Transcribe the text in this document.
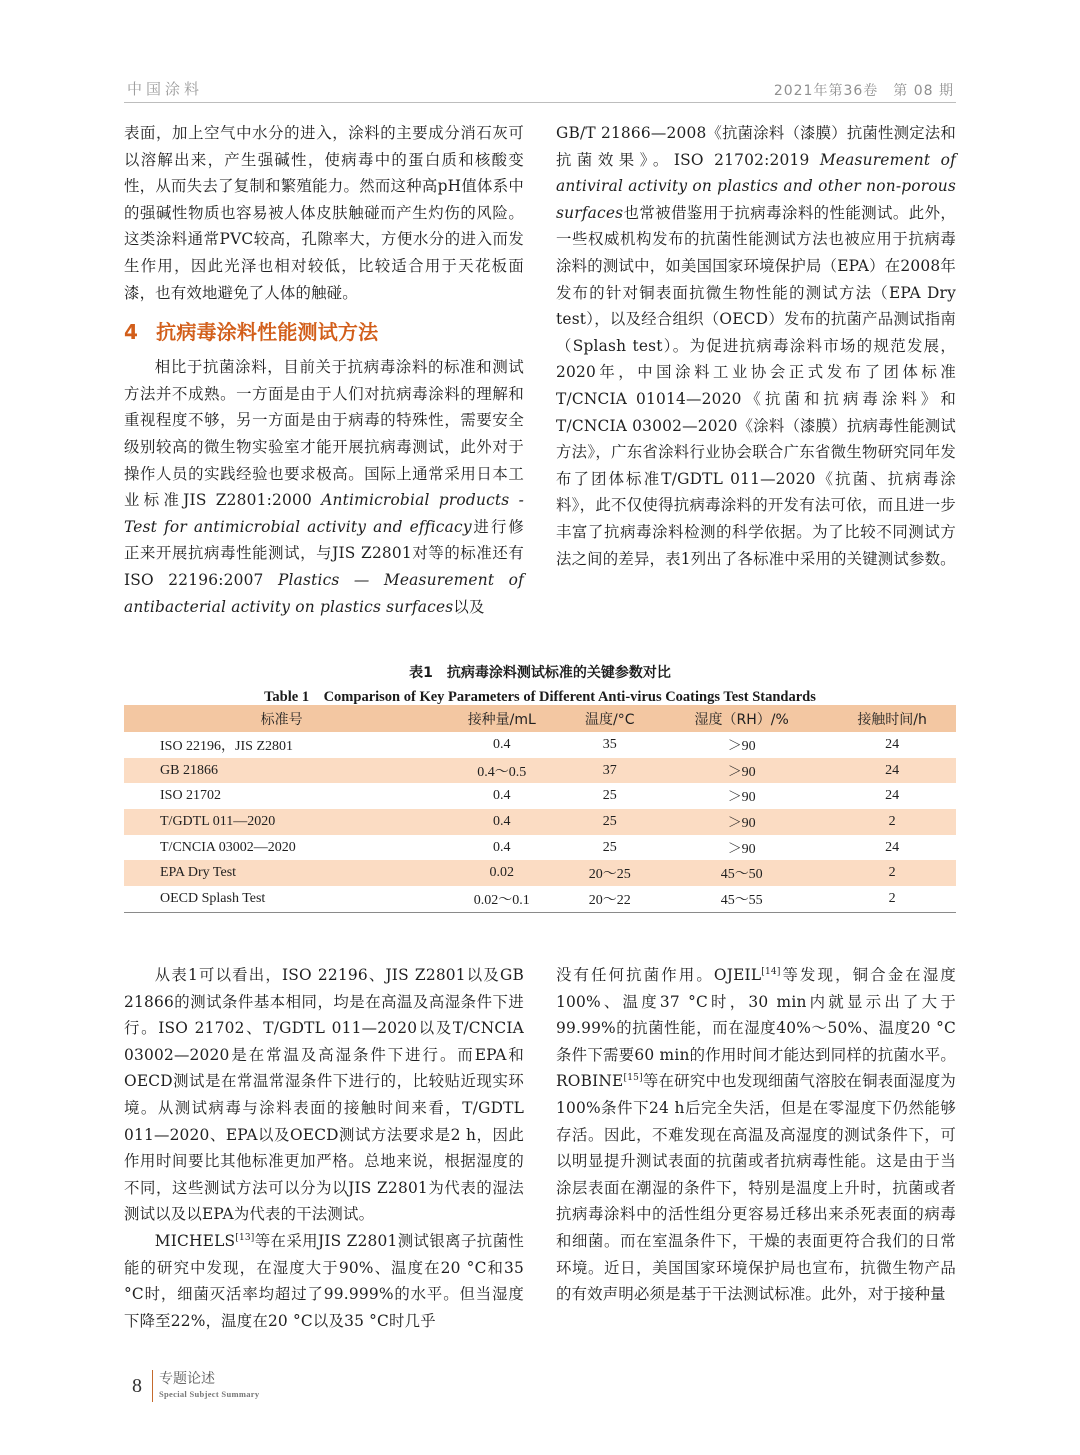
中国涂料	2021年第36卷　第 08 期

表面，加上空气中水分的进入，涂料的主要成分消石灰可以溶解出来，产生强碱性，使病毒中的蛋白质和核酸变性，从而失去了复制和繁殖能力。然而这种高pH值体系中的强碱性物质也容易被人体皮肤触碰而产生灼伤的风险。这类涂料通常PVC较高，孔隙率大，方便水分的进入而发生作用，因此光泽也相对较低，比较适合用于天花板面漆，也有效地避免了人体的触碰。

4 抗病毒涂料性能测试方法

相比于抗菌涂料，目前关于抗病毒涂料的标准和测试方法并不成熟。一方面是由于人们对抗病毒涂料的理解和重视程度不够，另一方面是由于病毒的特殊性，需要安全级别较高的微生物实验室才能开展抗病毒测试，此外对于操作人员的实践经验也要求极高。国际上通常采用日本工业标准JIS Z2801:2000 Antimicrobial products - Test for antimicrobial activity and efficacy进行修正来开展抗病毒性能测试，与JIS Z2801对等的标准还有ISO 22196:2007 Plastics — Measurement of antibacterial activity on plastics surfaces以及

GB/T 21866—2008《抗菌涂料（漆膜）抗菌性测定法和抗菌效果》。ISO 21702:2019 Measurement of antiviral activity on plastics and other non-porous surfaces也常被借鉴用于抗病毒涂料的性能测试。此外，一些权威机构发布的抗菌性能测试方法也被应用于抗病毒涂料的测试中，如美国国家环境保护局（EPA）在2008年发布的针对铜表面抗微生物性能的测试方法（EPA Dry test），以及经合组织（OECD）发布的抗菌产品测试指南（Splash test）。为促进抗病毒涂料市场的规范发展，2020年，中国涂料工业协会正式发布了团体标准T/CNCIA 01014—2020《抗菌和抗病毒涂料》和T/CNCIA 03002—2020《涂料（漆膜）抗病毒性能测试方法》，广东省涂料行业协会联合广东省微生物研究同年发布了团体标准T/GDTL 011—2020《抗菌、抗病毒涂料》，此不仅使得抗病毒涂料的开发有法可依，而且进一步丰富了抗病毒涂料检测的科学依据。为了比较不同测试方法之间的差异，表1列出了各标准中采用的关键测试参数。

表1　抗病毒涂料测试标准的关键参数对比
Table 1　Comparison of Key Parameters of Different Anti-virus Coatings Test Standards
标准号	接种量/mL	温度/°C	湿度（RH）/%	接触时间/h
ISO 22196，JIS Z2801	0.4	35	＞90	24
GB 21866	0.4～0.5	37	＞90	24
ISO 21702	0.4	25	＞90	24
T/GDTL 011—2020	0.4	25	＞90	2
T/CNCIA 03002—2020	0.4	25	＞90	24
EPA Dry Test	0.02	20～25	45～50	2
OECD Splash Test	0.02～0.1	20～22	45～55	2

从表1可以看出，ISO 22196、JIS Z2801以及GB 21866的测试条件基本相同，均是在高温及高湿条件下进行。ISO 21702、T/GDTL 011—2020以及T/CNCIA 03002—2020是在常温及高湿条件下进行。而EPA和OECD测试是在常温常湿条件下进行的，比较贴近现实环境。从测试病毒与涂料表面的接触时间来看，T/GDTL 011—2020、EPA以及OECD测试方法要求是2 h，因此作用时间要比其他标准更加严格。总地来说，根据湿度的不同，这些测试方法可以分为以JIS Z2801为代表的湿法测试以及以EPA为代表的干法测试。

MICHELS[13]等在采用JIS Z2801测试银离子抗菌性能的研究中发现，在湿度大于90%、温度在20 °C和35 °C时，细菌灭活率均超过了99.999%的水平。但当湿度下降至22%，温度在20 °C以及35 °C时几乎

没有任何抗菌作用。OJEIL[14]等发现，铜合金在湿度100%、温度37 °C时，30 min内就显示出了大于99.99%的抗菌性能，而在湿度40%～50%、温度20 °C条件下需要60 min的作用时间才能达到同样的抗菌水平。ROBINE[15]等在研究中也发现细菌气溶胶在铜表面湿度为100%条件下24 h后完全失活，但是在零湿度下仍然能够存活。因此，不难发现在高温及高湿度的测试条件下，可以明显提升测试表面的抗菌或者抗病毒性能。这是由于当涂层表面在潮湿的条件下，特别是温度上升时，抗菌或者抗病毒涂料中的活性组分更容易迁移出来杀死表面的病毒和细菌。而在室温条件下，干燥的表面更符合我们的日常环境。近日，美国国家环境保护局也宣布，抗微生物产品的有效声明必须是基于干法测试标准。此外，对于接种量

8 专题论述
Special Subject Summary
